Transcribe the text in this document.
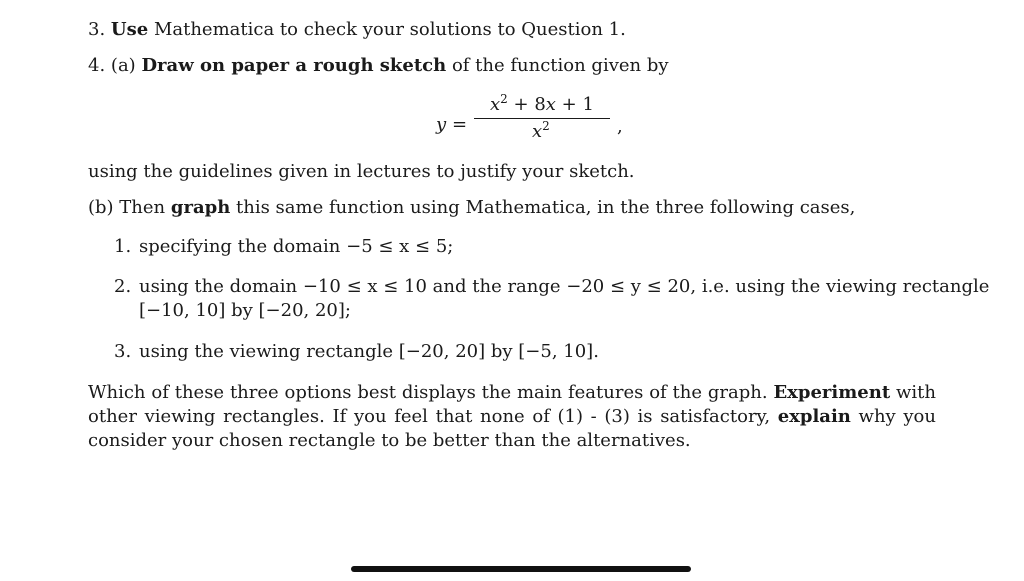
3. Use Mathematica to check your solutions to Question 1.
4. (a) Draw on paper a rough sketch of the function given by
y =
$x^2 + 8x + 1$
$x^2$	,
using the guidelines given in lectures to justify your sketch.
(b) Then graph this same function using Mathematica, in the three following cases,
1. specifying the domain −5 ≤ x ≤ 5;
2. using the domain −10 ≤ x ≤ 10 and the range −20 ≤ y ≤ 20, i.e. using the viewing rectangle
[−10, 10] by [−20, 20];
3. using the viewing rectangle [−20, 20] by [−5, 10].
Which of these three options best displays the main features of the graph. Experiment with other viewing rectangles. If you feel that none of (1) - (3) is satisfactory, explain why you consider your chosen rectangle to be better than the alternatives.
